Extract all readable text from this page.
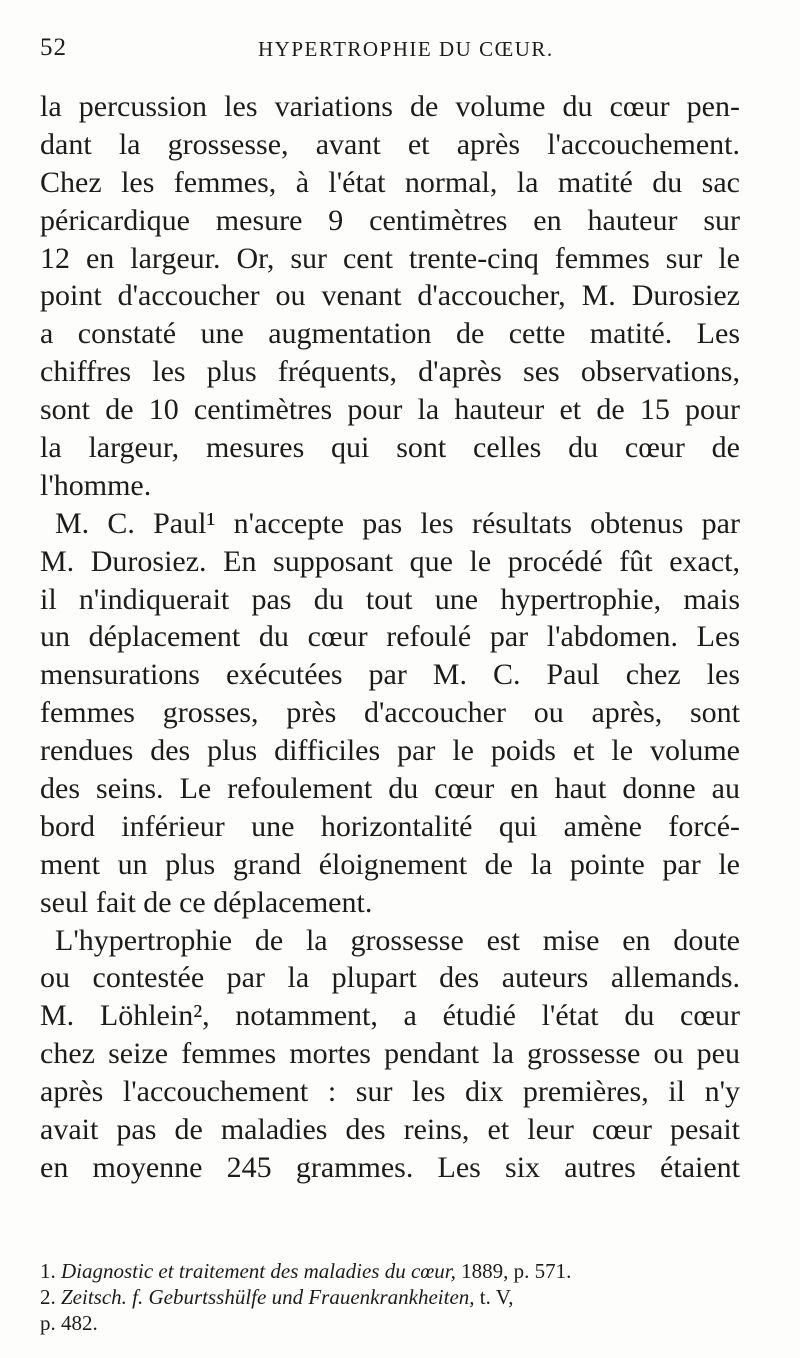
52	HYPERTROPHIE DU CŒUR.
la percussion les variations de volume du cœur pen-
dant la grossesse, avant et après l'accouchement.
Chez les femmes, à l'état normal, la matité du sac
péricardique mesure 9 centimètres en hauteur sur
12 en largeur. Or, sur cent trente-cinq femmes sur le
point d'accoucher ou venant d'accoucher, M. Durosiez
a constaté une augmentation de cette matité. Les
chiffres les plus fréquents, d'après ses observations,
sont de 10 centimètres pour la hauteur et de 15 pour
la largeur, mesures qui sont celles du cœur de
l'homme.
M. C. Paul¹ n'accepte pas les résultats obtenus par
M. Durosiez. En supposant que le procédé fût exact,
il n'indiquerait pas du tout une hypertrophie, mais
un déplacement du cœur refoulé par l'abdomen. Les
mensurations exécutées par M. C. Paul chez les
femmes grosses, près d'accoucher ou après, sont
rendues des plus difficiles par le poids et le volume
des seins. Le refoulement du cœur en haut donne au
bord inférieur une horizontalité qui amène forcé-
ment un plus grand éloignement de la pointe par le
seul fait de ce déplacement.
L'hypertrophie de la grossesse est mise en doute
ou contestée par la plupart des auteurs allemands.
M. Löhlein², notamment, a étudié l'état du cœur
chez seize femmes mortes pendant la grossesse ou peu
après l'accouchement : sur les dix premières, il n'y
avait pas de maladies des reins, et leur cœur pesait
en moyenne 245 grammes. Les six autres étaient
1. Diagnostic et traitement des maladies du cœur, 1889, p. 571.
2. Zeitsch. f. Geburtsshülfe und Frauenkrankheiten, t. V,
p. 482.
